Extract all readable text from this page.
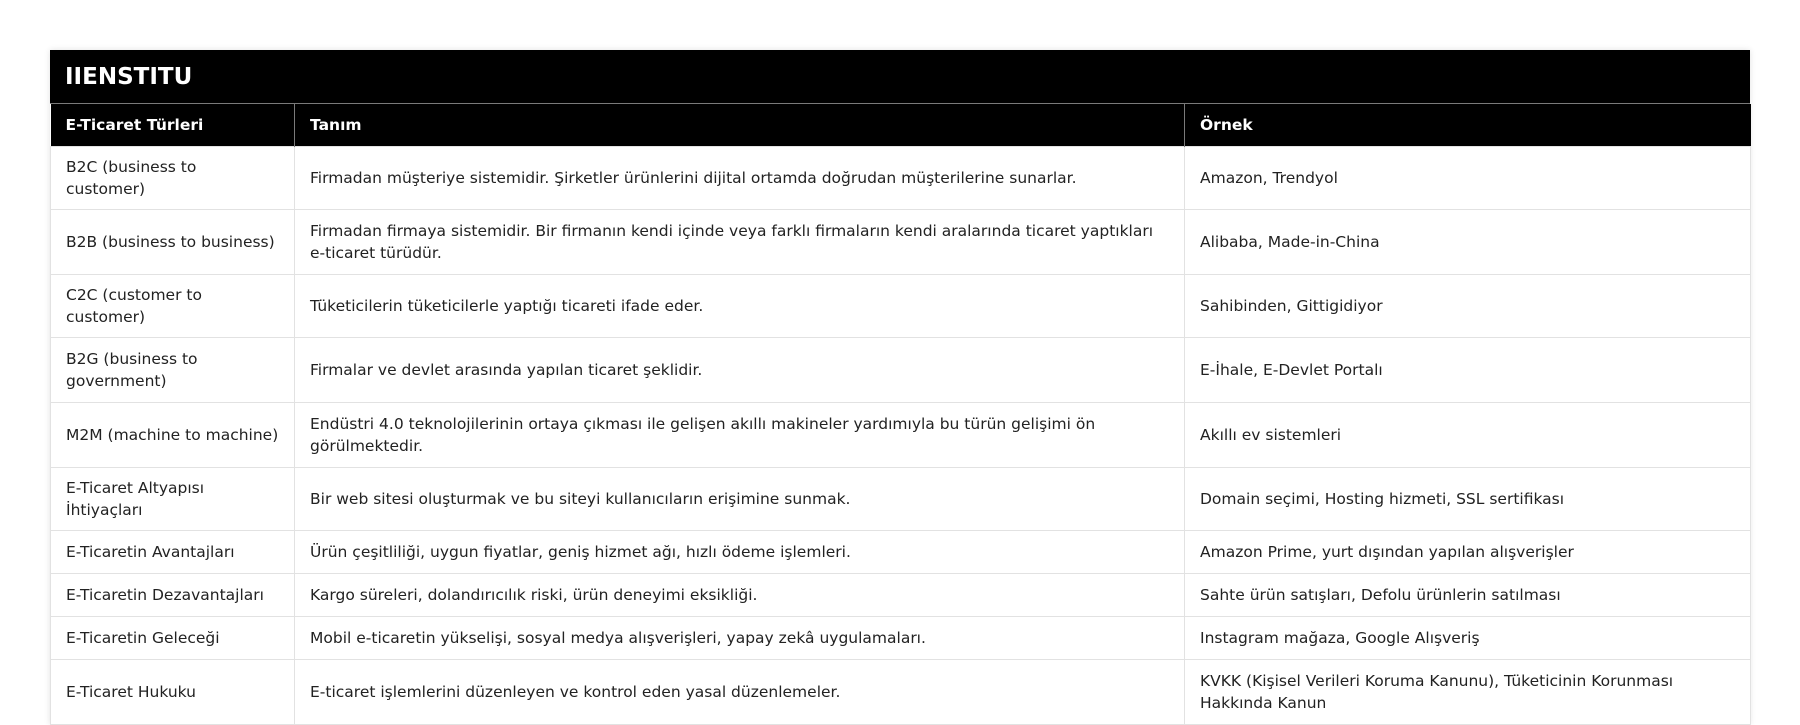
IIENSTITU
E-Ticaret Türleri	Tanım	Örnek
B2C (business to customer)	Firmadan müşteriye sistemidir. Şirketler ürünlerini dijital ortamda doğrudan müşterilerine sunarlar.	Amazon, Trendyol
B2B (business to business)	Firmadan firmaya sistemidir. Bir firmanın kendi içinde veya farklı firmaların kendi aralarında ticaret yaptıkları e-ticaret türüdür.	Alibaba, Made-in-China
C2C (customer to customer)	Tüketicilerin tüketicilerle yaptığı ticareti ifade eder.	Sahibinden, Gittigidiyor
B2G (business to government)	Firmalar ve devlet arasında yapılan ticaret şeklidir.	E-İhale, E-Devlet Portalı
M2M (machine to machine)	Endüstri 4.0 teknolojilerinin ortaya çıkması ile gelişen akıllı makineler yardımıyla bu türün gelişimi ön görülmektedir.	Akıllı ev sistemleri
E-Ticaret Altyapısı İhtiyaçları	Bir web sitesi oluşturmak ve bu siteyi kullanıcıların erişimine sunmak.	Domain seçimi, Hosting hizmeti, SSL sertifikası
E-Ticaretin Avantajları	Ürün çeşitliliği, uygun fiyatlar, geniş hizmet ağı, hızlı ödeme işlemleri.	Amazon Prime, yurt dışından yapılan alışverişler
E-Ticaretin Dezavantajları	Kargo süreleri, dolandırıcılık riski, ürün deneyimi eksikliği.	Sahte ürün satışları, Defolu ürünlerin satılması
E-Ticaretin Geleceği	Mobil e-ticaretin yükselişi, sosyal medya alışverişleri, yapay zekâ uygulamaları.	Instagram mağaza, Google Alışveriş
E-Ticaret Hukuku	E-ticaret işlemlerini düzenleyen ve kontrol eden yasal düzenlemeler.	KVKK (Kişisel Verileri Koruma Kanunu), Tüketicinin Korunması Hakkında Kanun
